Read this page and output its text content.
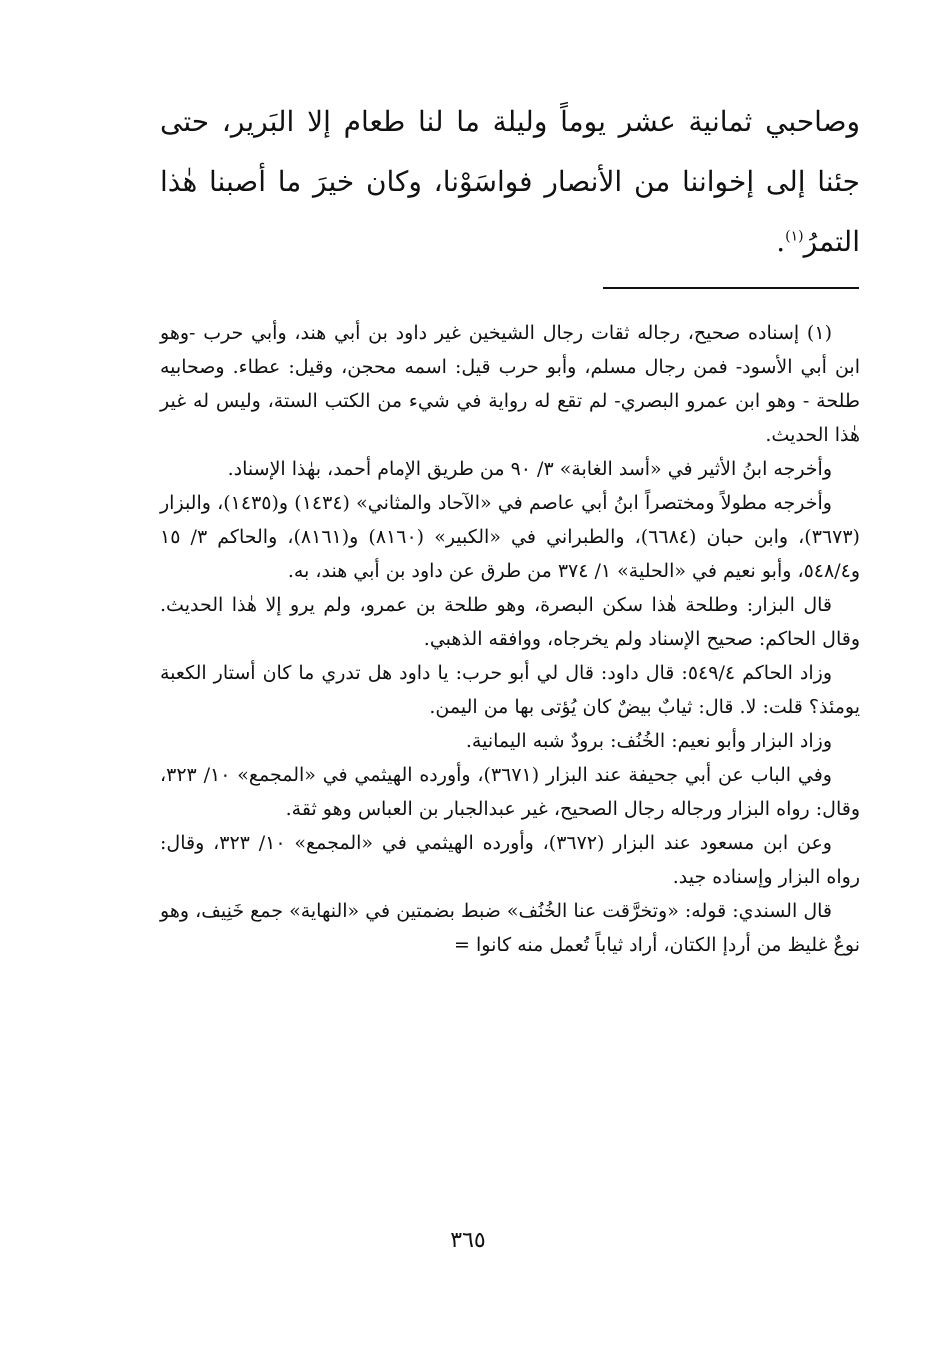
وصاحبي ثمانية عشر يوماً وليلة ما لنا طعام إلا البَرير، حتى جئنا إلى إخواننا من الأنصار فواسَوْنا، وكان خيرَ ما أصبنا هٰذا التمرُ$^{(١)}$.

(١) إسناده صحيح، رجاله ثقات رجال الشيخين غير داود بن أبي هند، وأبي حرب -وهو ابن أبي الأسود- فمن رجال مسلم، وأبو حرب قيل: اسمه محجن، وقيل: عطاء. وصحابيه طلحة - وهو ابن عمرو البصري- لم تقع له رواية في شيء من الكتب الستة، وليس له غير هٰذا الحديث.

وأخرجه ابنُ الأثير في «أسد الغابة» ٣/ ٩٠ من طريق الإمام أحمد، بهٰذا الإسناد.

وأخرجه مطولاً ومختصراً ابنُ أبي عاصم في «الآحاد والمثاني» (١٤٣٤) و(١٤٣٥)، والبزار (٣٦٧٣)، وابن حبان (٦٦٨٤)، والطبراني في «الكبير» (٨١٦٠) و(٨١٦١)، والحاكم ٣/ ١٥ و٥٤٨/٤، وأبو نعيم في «الحلية» ١/ ٣٧٤ من طرق عن داود بن أبي هند، به.

قال البزار: وطلحة هٰذا سكن البصرة، وهو طلحة بن عمرو، ولم يرو إلا هٰذا الحديث. وقال الحاكم: صحيح الإسناد ولم يخرجاه، ووافقه الذهبي.

وزاد الحاكم ٥٤٩/٤: قال داود: قال لي أبو حرب: يا داود هل تدري ما كان أستار الكعبة يومئذ؟ قلت: لا. قال: ثيابٌ بيضٌ كان يُؤتى بها من اليمن.

وزاد البزار وأبو نعيم: الخُنُف: برودٌ شبه اليمانية.

وفي الباب عن أبي جحيفة عند البزار (٣٦٧١)، وأورده الهيثمي في «المجمع» ١٠/ ٣٢٣، وقال: رواه البزار ورجاله رجال الصحيح، غير عبدالجبار بن العباس وهو ثقة.

وعن ابن مسعود عند البزار (٣٦٧٢)، وأورده الهيثمي في «المجمع» ١٠/ ٣٢٣، وقال: رواه البزار وإسناده جيد.

قال السندي: قوله: «وتخرَّقت عنا الخُنُف» ضبط بضمتين في «النهاية» جمع خَنِيف، وهو نوعٌ غليظ من أردإ الكتان، أراد ثياباً تُعمل منه كانوا =

٣٦٥
